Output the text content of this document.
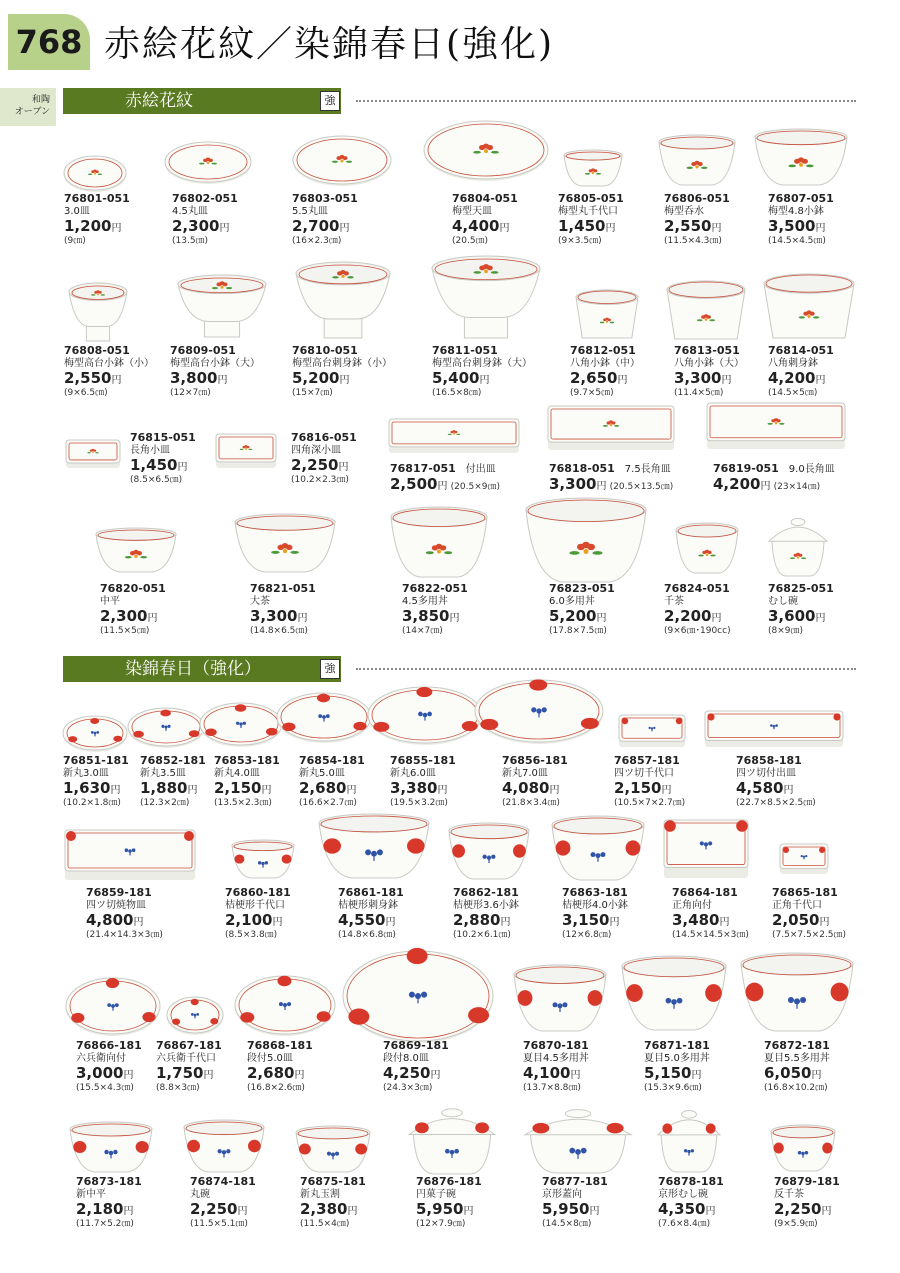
768 赤絵花紋／染錦春日(強化)
和陶
オーブン
赤絵花紋	強
染錦春日（強化）	強
76801-051
3.0皿
1,200円
(9㎝)
76802-051
4.5丸皿
2,300円
(13.5㎝)
76803-051
5.5丸皿
2,700円
(16×2.3㎝)
76804-051
梅型天皿
4,400円
(20.5㎝)
76805-051
梅型丸千代口
1,450円
(9×3.5㎝)
76806-051
梅型呑水
2,550円
(11.5×4.3㎝)
76807-051
梅型4.8小鉢
3,500円
(14.5×4.5㎝)
76808-051
梅型高台小鉢（小）
2,550円
(9×6.5㎝)
76809-051
梅型高台小鉢（大）
3,800円
(12×7㎝)
76810-051
梅型高台刺身鉢（小）
5,200円
(15×7㎝)
76811-051
梅型高台刺身鉢（大）
5,400円
(16.5×8㎝)
76812-051
八角小鉢（中）
2,650円
(9.7×5㎝)
76813-051
八角小鉢（大）
3,300円
(11.4×5㎝)
76814-051
八角刺身鉢
4,200円
(14.5×5㎝)
76815-051
長角小皿
1,450円
(8.5×6.5㎝)
76816-051
四角深小皿
2,250円
(10.2×2.3㎝)
76817-051　 付出皿
2,500円 (20.5×9㎝)
76818-051　 7.5長角皿
3,300円 (20.5×13.5㎝)
76819-051　 9.0長角皿
4,200円 (23×14㎝)
76820-051
中平
2,300円
(11.5×5㎝)
76821-051
大茶
3,300円
(14.8×6.5㎝)
76822-051
4.5多用丼
3,850円
(14×7㎝)
76823-051
6.0多用丼
5,200円
(17.8×7.5㎝)
76824-051
千茶
2,200円
(9×6㎝･190cc)
76825-051
むし碗
3,600円
(8×9㎝)
76851-181
新丸3.0皿
1,630円
(10.2×1.8㎝)
76852-181
新丸3.5皿
1,880円
(12.3×2㎝)
76853-181
新丸4.0皿
2,150円
(13.5×2.3㎝)
76854-181
新丸5.0皿
2,680円
(16.6×2.7㎝)
76855-181
新丸6.0皿
3,380円
(19.5×3.2㎝)
76856-181
新丸7.0皿
4,080円
(21.8×3.4㎝)
76857-181
四ツ切千代口
2,150円
(10.5×7×2.7㎝)
76858-181
四ツ切付出皿
4,580円
(22.7×8.5×2.5㎝)
76859-181
四ツ切焼物皿
4,800円
(21.4×14.3×3㎝)
76860-181
桔梗形千代口
2,100円
(8.5×3.8㎝)
76861-181
桔梗形刺身鉢
4,550円
(14.8×6.8㎝)
76862-181
桔梗形3.6小鉢
2,880円
(10.2×6.1㎝)
76863-181
桔梗形4.0小鉢
3,150円
(12×6.8㎝)
76864-181
正角向付
3,480円
(14.5×14.5×3㎝)
76865-181
正角千代口
2,050円
(7.5×7.5×2.5㎝)
76866-181
六兵衛向付
3,000円
(15.5×4.3㎝)
76867-181
六兵衛千代口
1,750円
(8.8×3㎝)
76868-181
段付5.0皿
2,680円
(16.8×2.6㎝)
76869-181
段付8.0皿
4,250円
(24.3×3㎝)
76870-181
夏目4.5多用丼
4,100円
(13.7×8.8㎝)
76871-181
夏目5.0多用丼
5,150円
(15.3×9.6㎝)
76872-181
夏目5.5多用丼
6,050円
(16.8×10.2㎝)
76873-181
新中平
2,180円
(11.7×5.2㎝)
76874-181
丸碗
2,250円
(11.5×5.1㎝)
76875-181
新丸玉割
2,380円
(11.5×4㎝)
76876-181
円菓子碗
5,950円
(12×7.9㎝)
76877-181
京形蓋向
5,950円
(14.5×8㎝)
76878-181
京形むし碗
4,350円
(7.6×8.4㎝)
76879-181
反千茶
2,250円
(9×5.9㎝)
